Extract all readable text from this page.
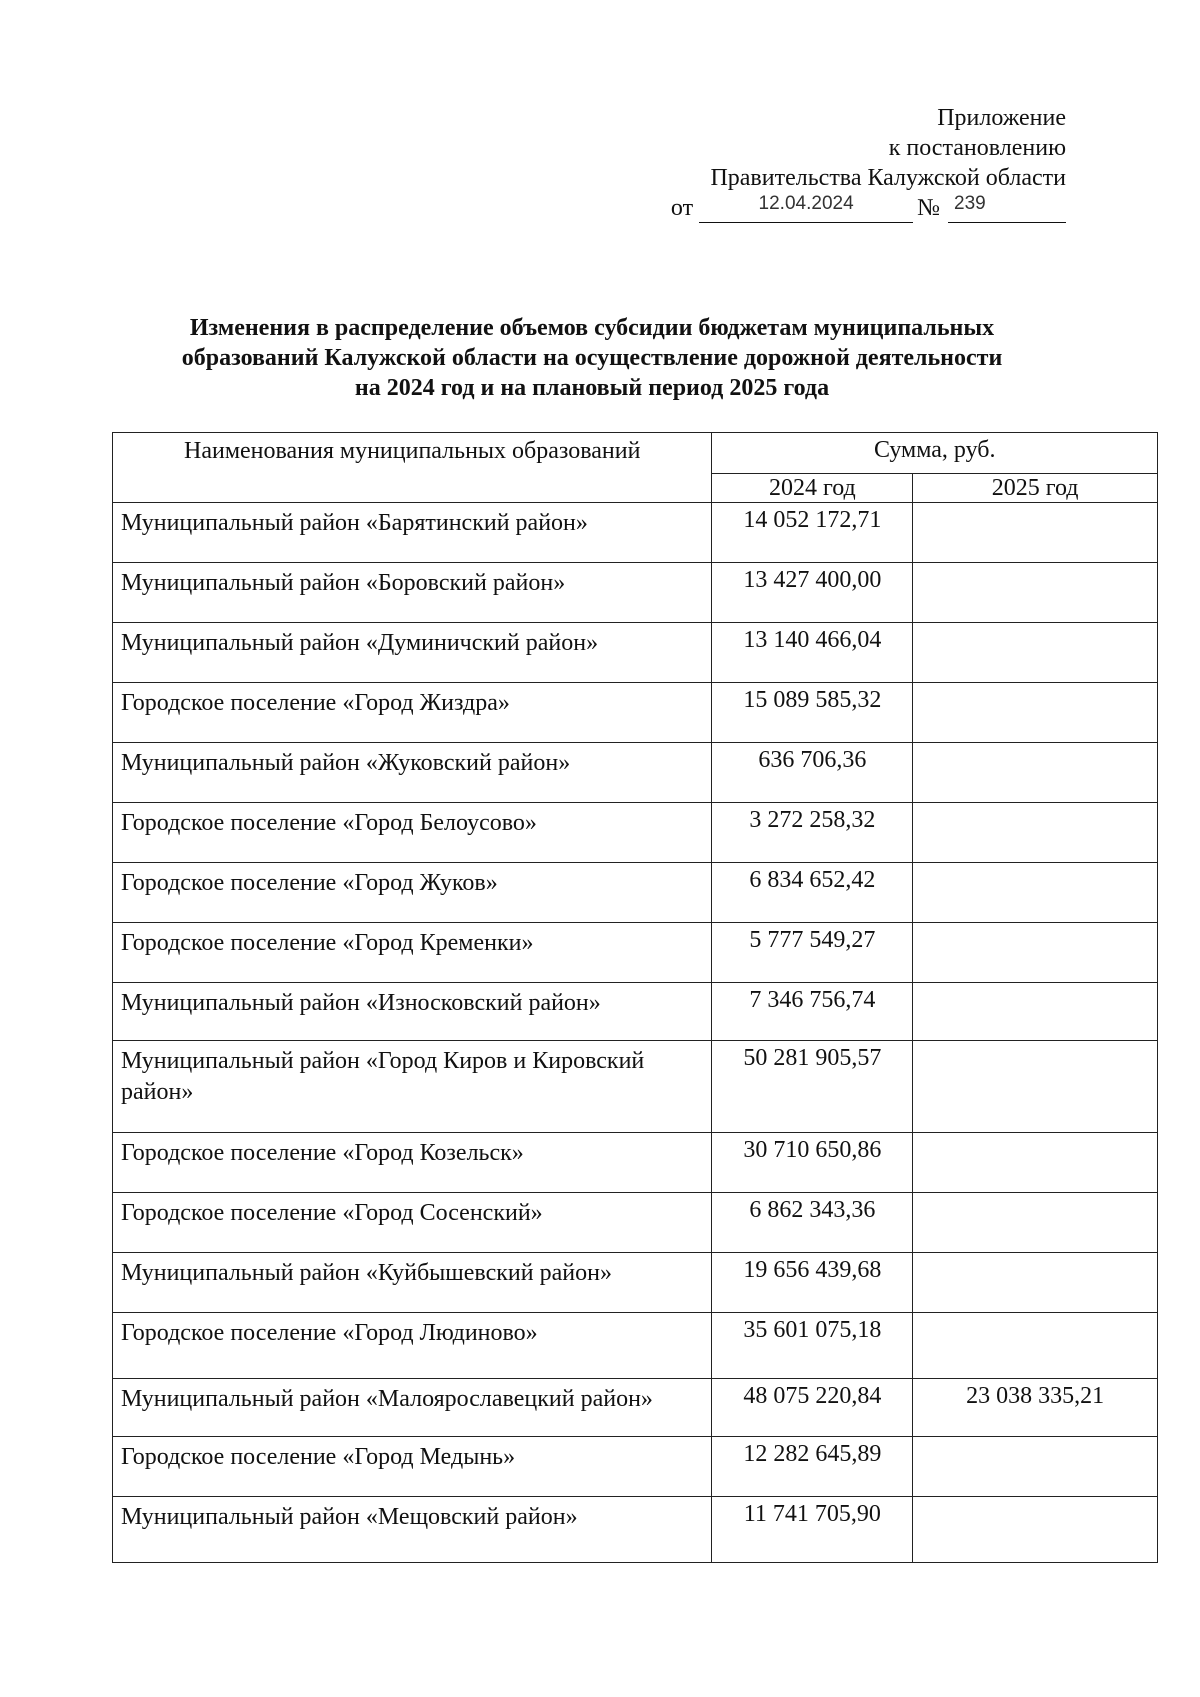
Приложение
к постановлению
Правительства Калужской области
от	12.04.2024	№ 239
Изменения в распределение объемов субсидии бюджетам муниципальных
образований Калужской области на осуществление дорожной деятельности
на 2024 год и на плановый период 2025 года
Наименования муниципальных образований	Сумма, руб.	
	2024 год	2025 год
Муниципальный район «Барятинский район»	14 052 172,71	
Муниципальный район «Боровский район»	13 427 400,00	
Муниципальный район «Думиничский район»	13 140 466,04	
Городское поселение «Город Жиздра»	15 089 585,32	
Муниципальный район «Жуковский район»	636 706,36	
Городское поселение «Город Белоусово»	3 272 258,32	
Городское поселение «Город Жуков»	6 834 652,42	
Городское поселение «Город Кременки»	5 777 549,27	
Муниципальный район «Износковский район»	7 346 756,74	
Муниципальный район «Город Киров и Кировский район»	50 281 905,57	
Городское поселение «Город Козельск»	30 710 650,86	
Городское поселение «Город Сосенский»	6 862 343,36	
Муниципальный район «Куйбышевский район»	19 656 439,68	
Городское поселение «Город Людиново»	35 601 075,18	
Муниципальный район «Малоярославецкий район»	48 075 220,84	23 038 335,21
Городское поселение «Город Медынь»	12 282 645,89	
Муниципальный район «Мещовский район»	11 741 705,90	
